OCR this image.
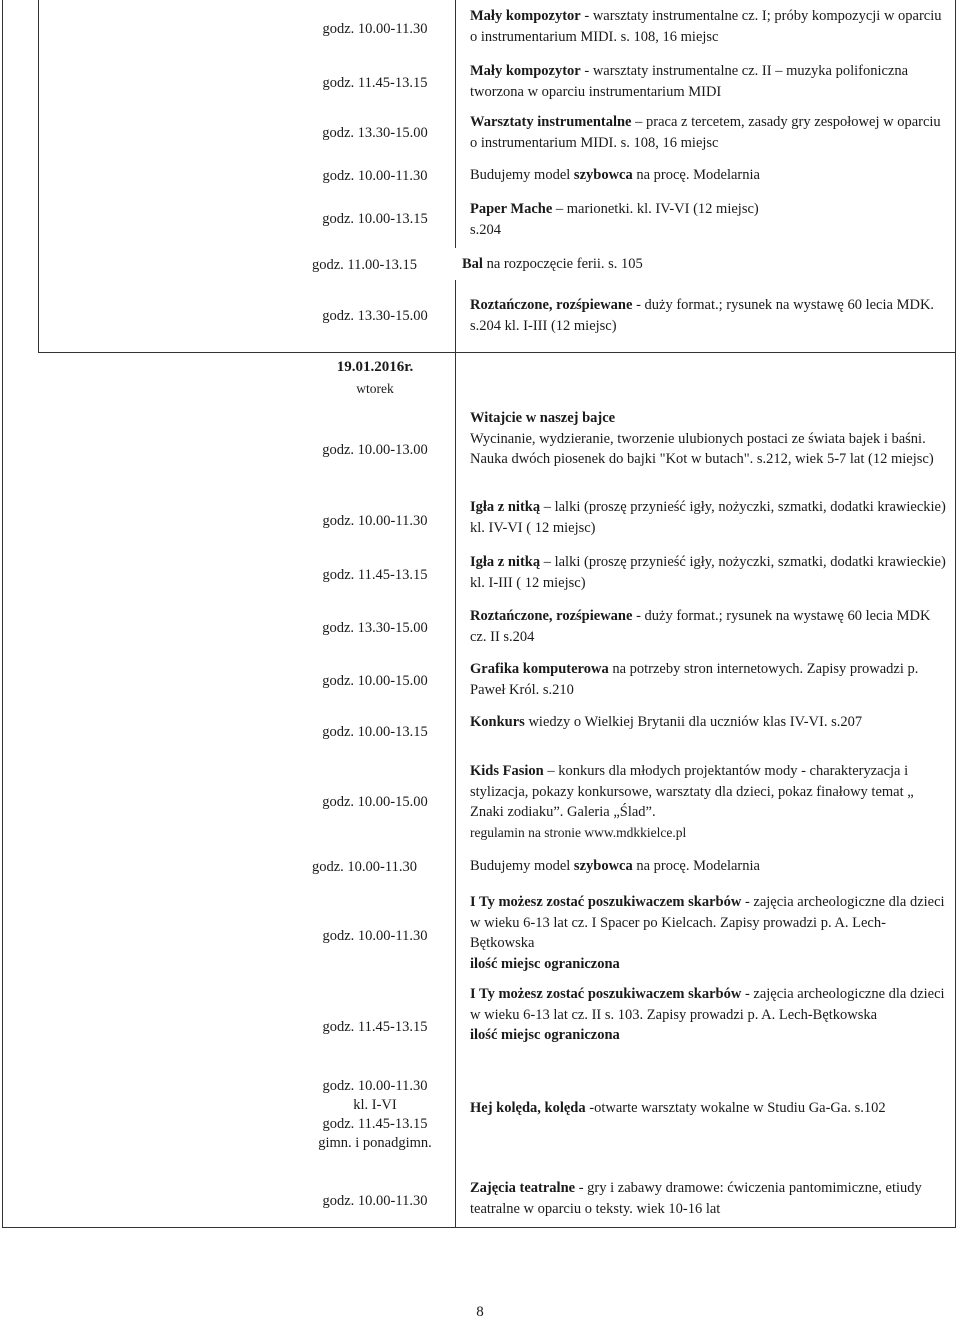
godz. 10.00-11.30
godz. 11.45-13.15
godz. 13.30-15.00
godz. 10.00-11.30
godz. 10.00-13.15
godz. 11.00-13.15
godz. 13.30-15.00
19.01.2016r.
wtorek
godz. 10.00-13.00
godz. 10.00-11.30
godz. 11.45-13.15
godz. 13.30-15.00
godz. 10.00-15.00
godz. 10.00-13.15
godz. 10.00-15.00
godz. 10.00-11.30
godz. 10.00-11.30
godz. 11.45-13.15
godz. 10.00-11.30
kl. I-VI
godz. 11.45-13.15
gimn. i ponadgimn.
godz. 10.00-11.30
Mały kompozytor - warsztaty instrumentalne cz. I; próby kompozycji w oparciu o instrumentarium MIDI. s. 108, 16 miejsc
Mały kompozytor - warsztaty instrumentalne cz. II – muzyka polifoniczna tworzona w oparciu instrumentarium MIDI
Warsztaty instrumentalne – praca z tercetem, zasady gry zespołowej w oparciu o instrumentarium MIDI. s. 108, 16 miejsc
Budujemy model szybowca na procę. Modelarnia
Paper Mache – marionetki. kl. IV-VI (12 miejsc)
s.204
Bal na rozpoczęcie ferii. s. 105
Roztańczone, rozśpiewane - duży format.; rysunek na wystawę 60 lecia MDK. s.204 kl. I-III (12 miejsc)
Witajcie w naszej bajce
Wycinanie, wydzieranie, tworzenie ulubionych postaci ze świata bajek i baśni. Nauka dwóch piosenek do bajki "Kot w butach". s.212, wiek 5-7 lat (12 miejsc)
Igła z nitką – lalki (proszę przynieść igły, nożyczki, szmatki, dodatki krawieckie) kl. IV-VI ( 12 miejsc)
Igła z nitką – lalki (proszę przynieść igły, nożyczki, szmatki, dodatki krawieckie) kl. I-III ( 12 miejsc)
Roztańczone, rozśpiewane - duży format.; rysunek na wystawę 60 lecia MDK cz. II s.204
Grafika komputerowa na potrzeby stron internetowych. Zapisy prowadzi p. Paweł Król. s.210
Konkurs wiedzy o Wielkiej Brytanii dla uczniów klas IV-VI. s.207
Kids Fasion – konkurs dla młodych projektantów mody - charakteryzacja i stylizacja, pokazy konkursowe, warsztaty dla dzieci, pokaz finałowy temat „ Znaki zodiaku”. Galeria „Ślad”.
regulamin na stronie www.mdkkielce.pl
Budujemy model szybowca na procę. Modelarnia
I Ty możesz zostać poszukiwaczem skarbów - zajęcia archeologiczne dla dzieci w wieku 6-13 lat cz. I Spacer po Kielcach. Zapisy prowadzi p. A. Lech-Bętkowska
ilość miejsc ograniczona
I Ty możesz zostać poszukiwaczem skarbów - zajęcia archeologiczne dla dzieci w wieku 6-13 lat cz. II s. 103. Zapisy prowadzi p. A. Lech-Bętkowska
ilość miejsc ograniczona
Hej kolęda, kolęda -otwarte warsztaty wokalne w Studiu Ga-Ga. s.102
Zajęcia teatralne - gry i zabawy dramowe: ćwiczenia pantomimiczne, etiudy teatralne w oparciu o teksty. wiek 10-16 lat
8
